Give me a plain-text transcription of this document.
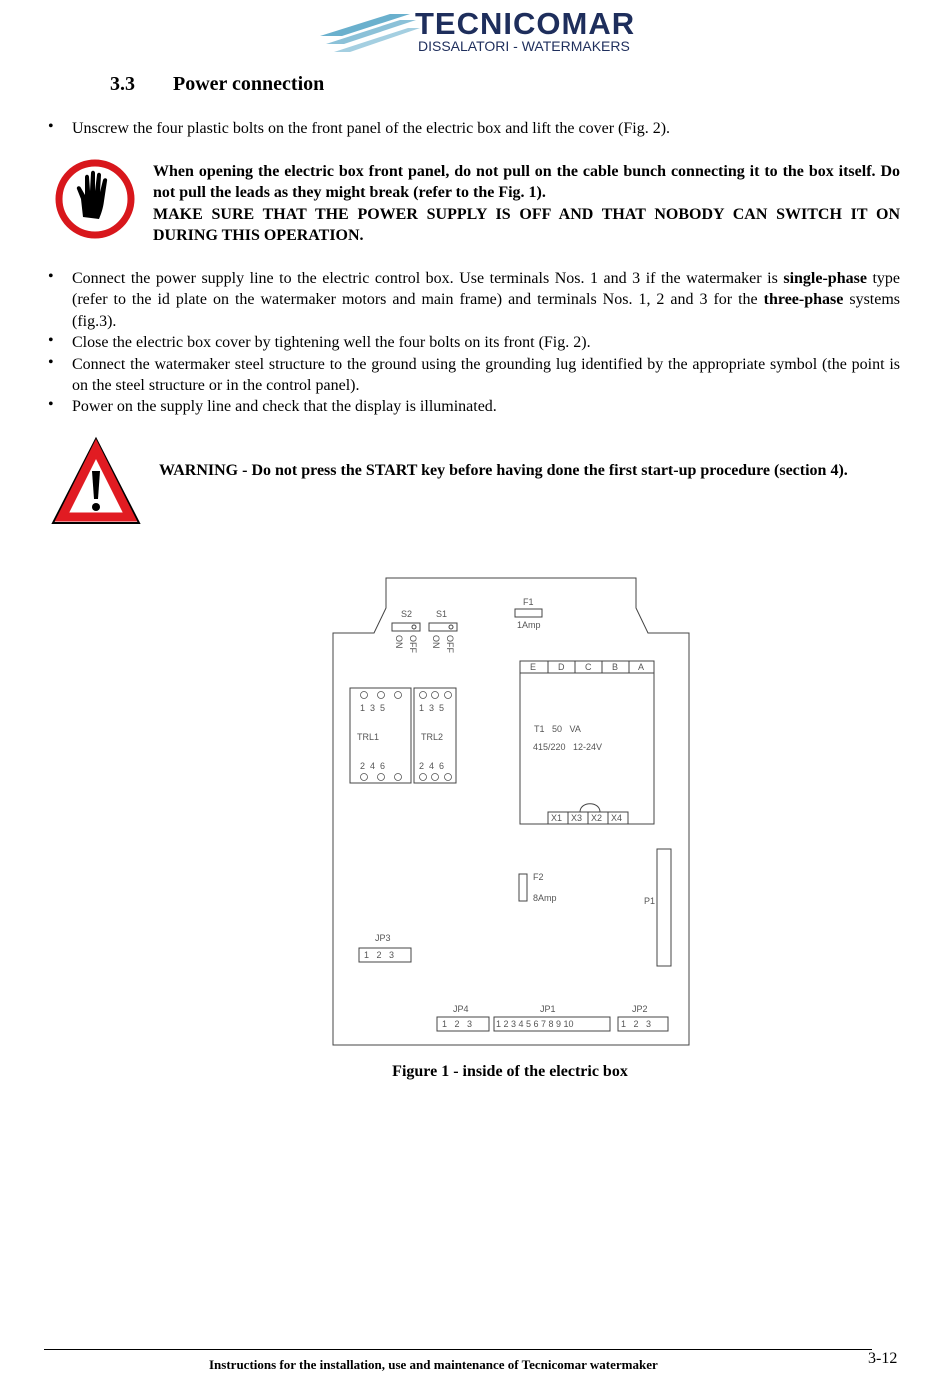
TECNICOMAR
DISSALATORI - WATERMAKERS
3.3 Power connection
• Unscrew the four plastic bolts on the front panel of the electric box and lift the cover (Fig. 2).
When opening the electric box front panel, do not pull on the cable bunch connecting it to the box itself. Do not pull the leads as they might break (refer to the Fig. 1).
MAKE SURE THAT THE POWER SUPPLY IS OFF AND THAT NOBODY CAN SWITCH IT ON DURING THIS OPERATION.
• Connect the power supply line to the electric control box. Use terminals Nos. 1 and 3 if the watermaker is single-phase type (refer to the id plate on the watermaker motors and main frame) and terminals Nos. 1, 2 and 3 for the three-phase systems (fig.3).
• Close the electric box cover by tightening well the four bolts on its front (Fig. 2).
• Connect the watermaker steel structure to the ground using the grounding lug identified by the appropriate symbol (the point is on the steel structure or in the control panel).
• Power on the supply line and check that the display is illuminated.
WARNING - Do not press the START key before having done the first start-up procedure (section 4).
S2	S1
ON OFF ON OFF
F1
1Amp
1  3  5
TRL1
2  4  6
1  3  5
TRL2
2  4  6
E D C B A
T1   50   VA
415/220   12-24V
X1 X3 X2 X4
F2
8Amp	P1
JP3
1   2   3
JP4
1   2   3
JP1
1 2 3 4 5 6 7 8 9 10
JP2
1   2   3
Figure 1 - inside of the electric box
Instructions for the installation, use and maintenance of Tecnicomar watermaker	3-12
